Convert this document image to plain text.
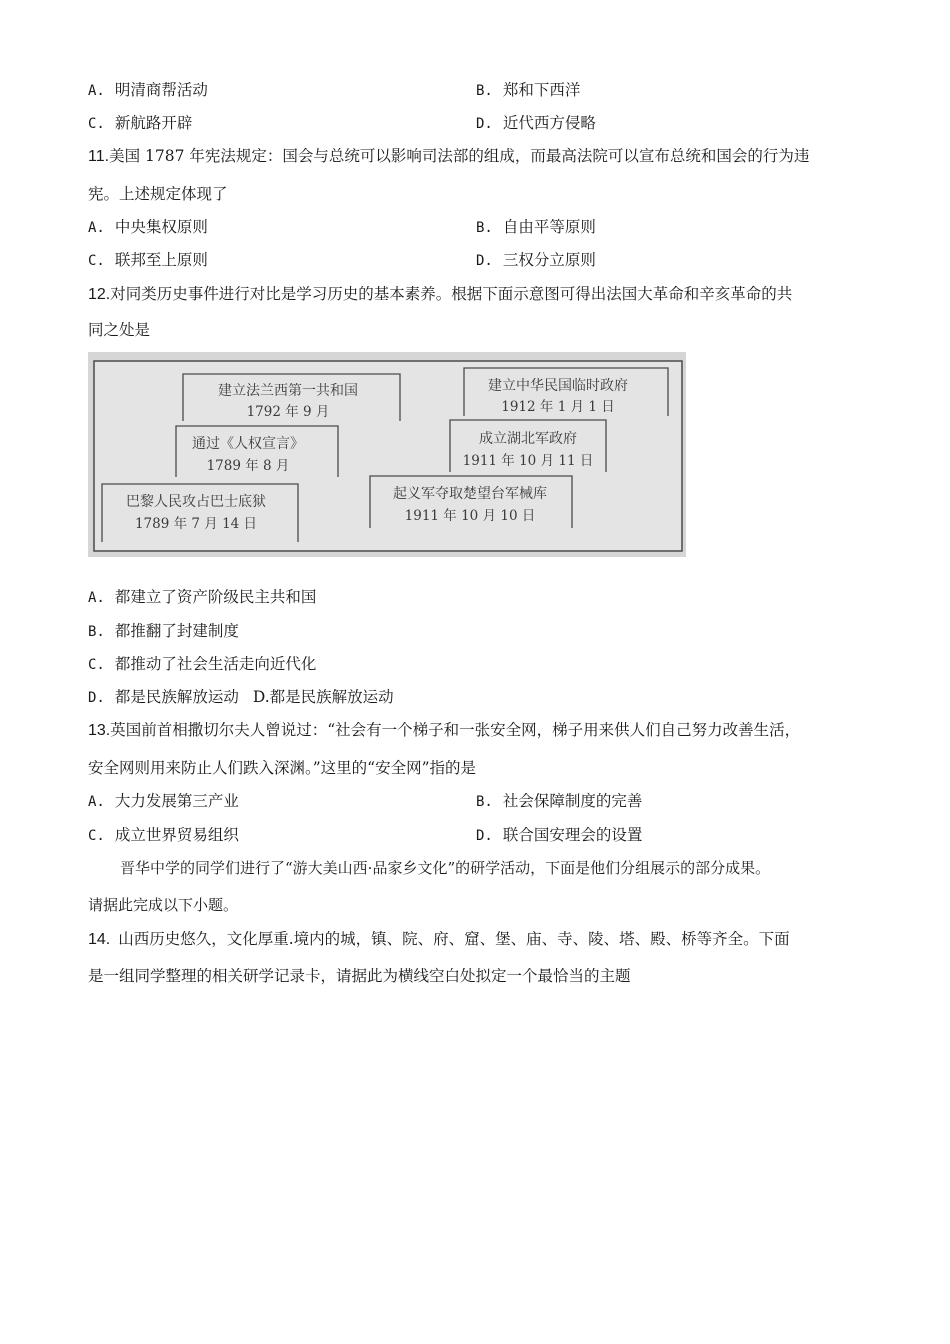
A. 明清商帮活动	B. 郑和下西洋
C. 新航路开辟	D. 近代西方侵略
11.美国 1787 年宪法规定：国会与总统可以影响司法部的组成，而最高法院可以宣布总统和国会的行为违
宪。上述规定体现了
A. 中央集权原则	B. 自由平等原则
C. 联邦至上原则	D. 三权分立原则
12.对同类历史事件进行对比是学习历史的基本素养。根据下面示意图可得出法国大革命和辛亥革命的共
同之处是
建立法兰西第一共和国
1792 年 9 月
通过《人权宣言》
1789 年 8 月
巴黎人民攻占巴士底狱
1789 年 7 月 14 日
建立中华民国临时政府
1912 年 1 月 1 日
成立湖北军政府
1911 年 10 月 11 日
起义军夺取楚望台军械库
1911 年 10 月 10 日
A. 都建立了资产阶级民主共和国
B. 都推翻了封建制度
C. 都推动了社会生活走向近代化
D. 都是民族解放运动 D.都是民族解放运动
13.英国前首相撒切尔夫人曾说过：“社会有一个梯子和一张安全网，梯子用来供人们自己努力改善生活，
安全网则用来防止人们跌入深渊。”这里的“安全网”指的是
A. 大力发展第三产业	B. 社会保障制度的完善
C. 成立世界贸易组织	D. 联合国安理会的设置
晋华中学的同学们进行了“游大美山西·品家乡文化”的研学活动，下面是他们分组展示的部分成果。
请据此完成以下小题。
14. 山西历史悠久，文化厚重.境内的城，镇、院、府、窟、堡、庙、寺、陵、塔、殿、桥等齐全。下面
是一组同学整理的相关研学记录卡，请据此为横线空白处拟定一个最恰当的主题
